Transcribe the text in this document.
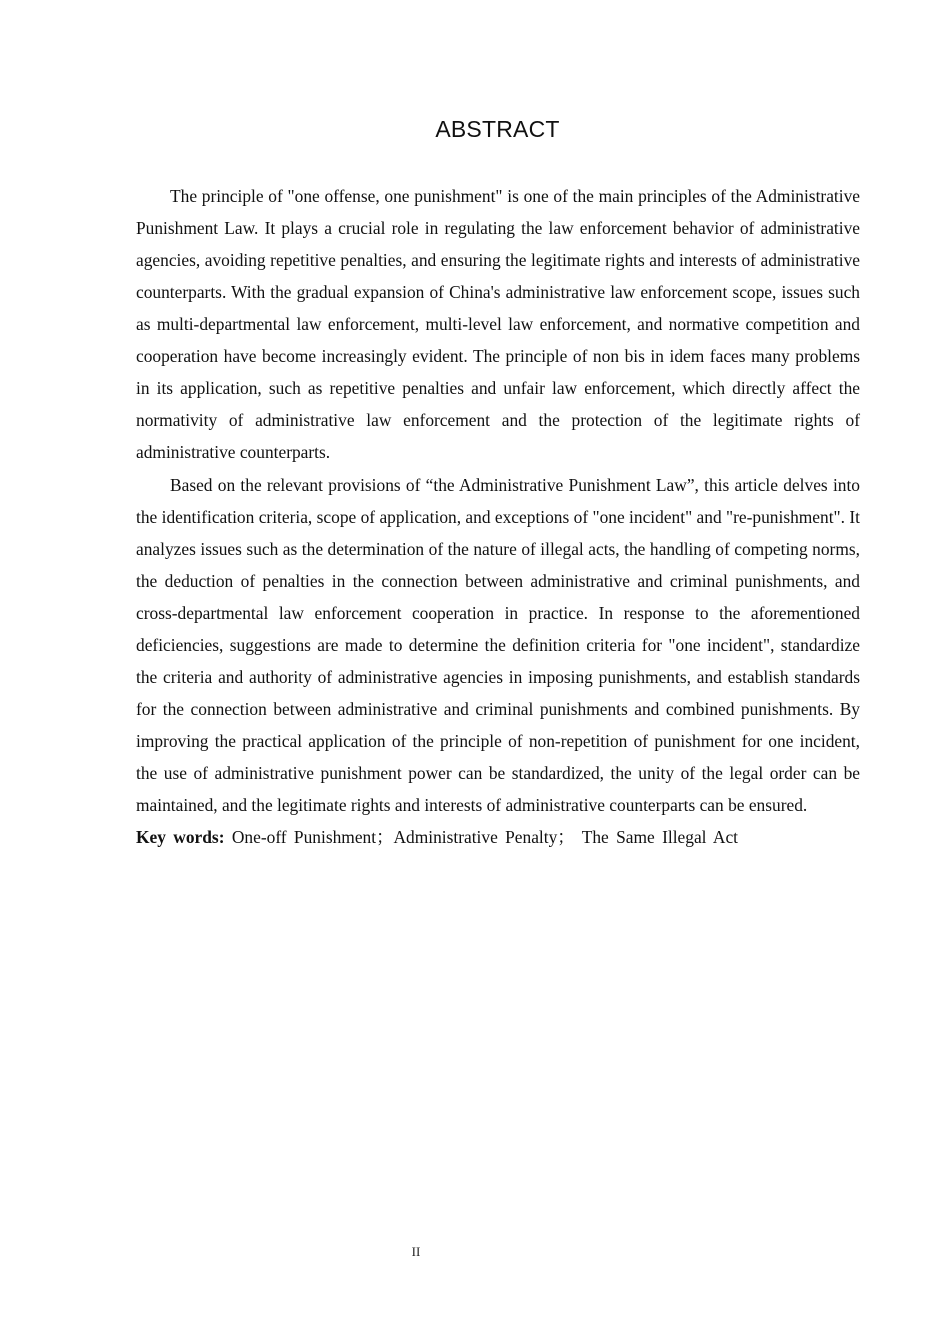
ABSTRACT

The principle of "one offense, one punishment" is one of the main principles of the Administrative Punishment Law. It plays a crucial role in regulating the law enforcement behavior of administrative agencies, avoiding repetitive penalties, and ensuring the legitimate rights and interests of administrative counterparts. With the gradual expansion of China's administrative law enforcement scope, issues such as multi-departmental law enforcement, multi-level law enforcement, and normative competition and cooperation have become increasingly evident. The principle of non bis in idem faces many problems in its application, such as repetitive penalties and unfair law enforcement, which directly affect the normativity of administrative law enforcement and the protection of the legitimate rights of administrative counterparts.

Based on the relevant provisions of “the Administrative Punishment Law”, this article delves into the identification criteria, scope of application, and exceptions of "one incident" and "re-punishment". It analyzes issues such as the determination of the nature of illegal acts, the handling of competing norms, the deduction of penalties in the connection between administrative and criminal punishments, and cross-departmental law enforcement cooperation in practice. In response to the aforementioned deficiencies, suggestions are made to determine the definition criteria for "one incident", standardize the criteria and authority of administrative agencies in imposing punishments, and establish standards for the connection between administrative and criminal punishments and combined punishments. By improving the practical application of the principle of non-repetition of punishment for one incident, the use of administrative punishment power can be standardized, the unity of the legal order can be maintained, and the legitimate rights and interests of administrative counterparts can be ensured.

Key words: One-off Punishment；Administrative Penalty； The Same Illegal Act

II
